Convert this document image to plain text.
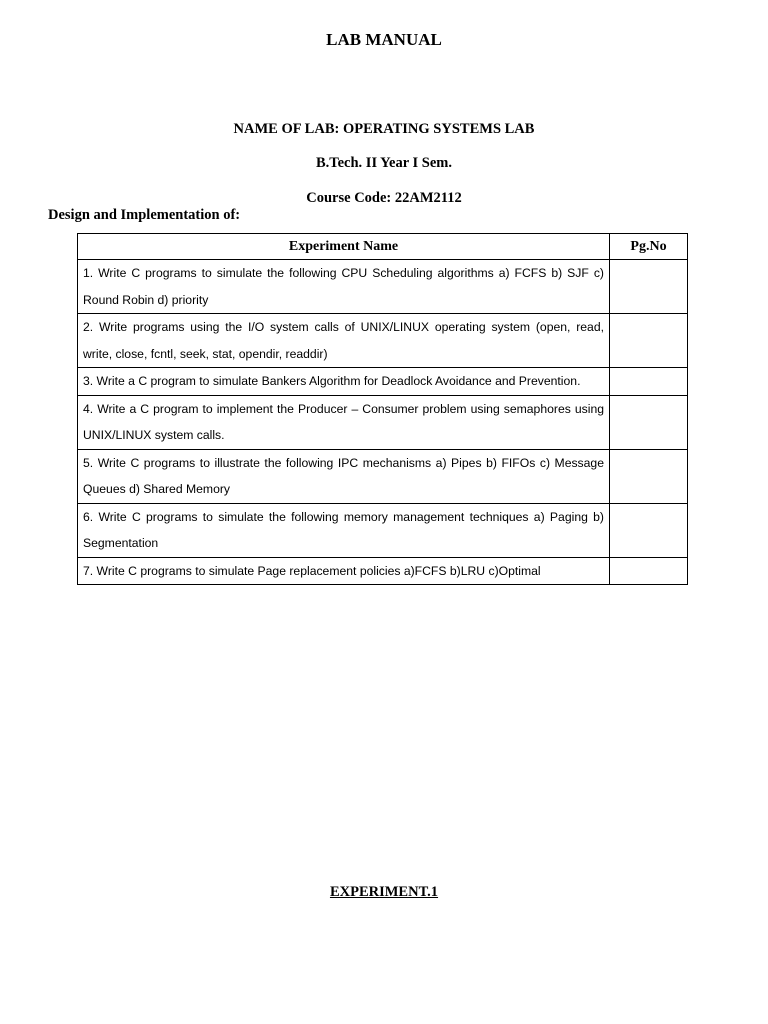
LAB MANUAL
NAME OF LAB: OPERATING SYSTEMS LAB
B.Tech. II Year I Sem.
Course Code: 22AM2112
Design and Implementation of:
Experiment Name	Pg.No
1. Write C programs to simulate the following CPU Scheduling algorithms a) FCFS b) SJF c) Round Robin d) priority	
2. Write programs using the I/O system calls of UNIX/LINUX operating system (open, read, write, close, fcntl, seek, stat, opendir, readdir)	
3. Write a C program to simulate Bankers Algorithm for Deadlock Avoidance and Prevention.	
4. Write a C program to implement the Producer – Consumer problem using semaphores using UNIX/LINUX system calls.	
5. Write C programs to illustrate the following IPC mechanisms a) Pipes b) FIFOs c) Message Queues d) Shared Memory	
6. Write C programs to simulate the following memory management techniques a) Paging b) Segmentation	
7. Write C programs to simulate Page replacement policies a)FCFS b)LRU c)Optimal	
EXPERIMENT.1
